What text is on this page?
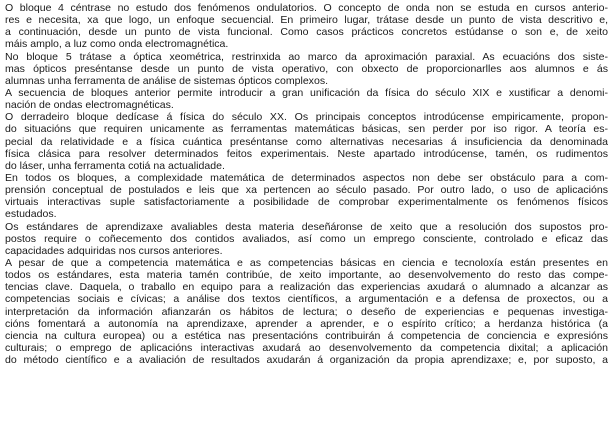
O bloque 4 céntrase no estudo dos fenómenos ondulatorios. O concepto de onda non se estuda en cursos anterio-
res e necesita, xa que logo, un enfoque secuencial. En primeiro lugar, trátase desde un punto de vista descritivo e,
a continuación, desde un punto de vista funcional. Como casos prácticos concretos estúdanse o son e, de xeito
máis amplo, a luz como onda electromagnética.
No bloque 5 trátase a óptica xeométrica, restrinxida ao marco da aproximación paraxial. As ecuacións dos siste-
mas ópticos preséntanse desde un punto de vista operativo, con obxecto de proporcionarlles aos alumnos e ás
alumnas unha ferramenta de análise de sistemas ópticos complexos.
A secuencia de bloques anterior permite introducir a gran unificación da física do século XIX e xustificar a denomi-
nación de ondas electromagnéticas.
O derradeiro bloque dedícase á física do século XX. Os principais conceptos introdúcense empiricamente, propon-
do situacións que requiren unicamente as ferramentas matemáticas básicas, sen perder por iso rigor. A teoría es-
pecial da relatividade e a física cuántica preséntanse como alternativas necesarias á insuficiencia da denominada
física clásica para resolver determinados feitos experimentais. Neste apartado introdúcense, tamén, os rudimentos
do láser, unha ferramenta cotiá na actualidade.
En todos os bloques, a complexidade matemática de determinados aspectos non debe ser obstáculo para a com-
prensión conceptual de postulados e leis que xa pertencen ao século pasado. Por outro lado, o uso de aplicacións
virtuais interactivas suple satisfactoriamente a posibilidade de comprobar experimentalmente os fenómenos físicos
estudados.
Os estándares de aprendizaxe avaliables desta materia deseñáronse de xeito que a resolución dos supostos pro-
postos require o coñecemento dos contidos avaliados, así como un emprego consciente, controlado e eficaz das
capacidades adquiridas nos cursos anteriores.
A pesar de que a competencia matemática e as competencias básicas en ciencia e tecnoloxía están presentes en
todos os estándares, esta materia tamén contribúe, de xeito importante, ao desenvolvemento do resto das compe-
tencias clave. Daquela, o traballo en equipo para a realización das experiencias axudará o alumnado a alcanzar as
competencias sociais e cívicas; a análise dos textos científicos, a argumentación e a defensa de proxectos, ou a
interpretación da información afianzarán os hábitos de lectura; o deseño de experiencias e pequenas investiga-
cións fomentará a autonomía na aprendizaxe, aprender a aprender, e o espírito crítico; a herdanza histórica (a
ciencia na cultura europea) ou a estética nas presentacións contribuirán á competencia de conciencia e expresións
culturais; o emprego de aplicacións interactivas axudará ao desenvolvemento da competencia dixital; a aplicación
do método científico e a avaliación de resultados axudarán á organización da propia aprendizaxe; e, por suposto, a
